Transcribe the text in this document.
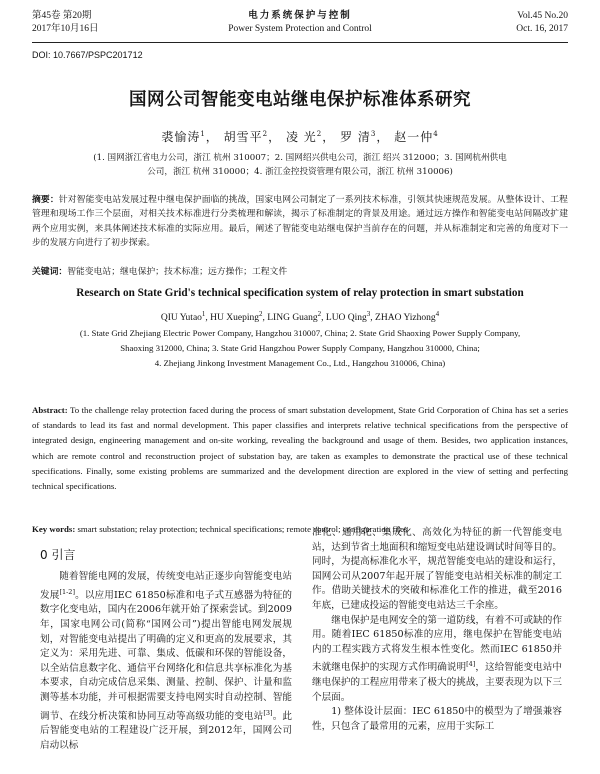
第45卷 第20期
2017年10月16日
电力系统保护与控制
Power System Protection and Control
Vol.45 No.20
Oct. 16, 2017
DOI: 10.7667/PSPC201712
国网公司智能变电站继电保护标准体系研究
裘愉涛$^1$， 胡雪平$^2$， 凌 光$^2$， 罗 清$^3$， 赵一仲$^4$
(1. 国网浙江省电力公司，浙江 杭州 310007；2. 国网绍兴供电公司，浙江 绍兴 312000；3. 国网杭州供电公司，浙江 杭州 310000；4. 浙江金控投资管理有限公司，浙江 杭州 310006)
摘要：针对智能变电站发展过程中继电保护面临的挑战，国家电网公司制定了一系列技术标准，引领其快速规范发展。从整体设计、工程管理和现场工作三个层面，对相关技术标准进行分类梳理和解读，揭示了标准制定的背景及用途。通过远方操作和智能变电站间隔改扩建两个应用实例，来具体阐述技术标准的实际应用。最后，阐述了智能变电站继电保护当前存在的问题，并从标准制定和完善的角度对下一步的发展方向进行了初步探索。
关键词：智能变电站；继电保护；技术标准；远方操作；工程文件
Research on State Grid's technical specification system of relay protection in smart substation
QIU Yutao$^1$, HU Xueping$^2$, LING Guang$^2$, LUO Qing$^3$, ZHAO Yizhong$^4$
(1. State Grid Zhejiang Electric Power Company, Hangzhou 310007, China; 2. State Grid Shaoxing Power Supply Company,
Shaoxing 312000, China; 3. State Grid Hangzhou Power Supply Company, Hangzhou 310000, China;
4. Zhejiang Jinkong Investment Management Co., Ltd., Hangzhou 310006, China)
Abstract: To the challenge relay protection faced during the process of smart substation development, State Grid Corporation of China has set a series of standards to lead its fast and normal development. This paper classifies and interprets relative technical specifications from the perspective of integrated design, engineering management and on-site working, revealing the background and usage of them. Besides, two application instances, which are remote control and reconstruction project of substation bay, are taken as examples to demonstrate the practical use of these technical specifications. Finally, some existing problems are summarized and the development direction are explored in the view of setting and perfecting technical specifications.
Key words: smart substation; relay protection; technical specifications; remote control; configuration files
0 引言

随着智能电网的发展，传统变电站正逐步向智能变电站发展[1-2]。以应用IEC 61850标准和电子式互感器为特征的数字化变电站，国内在2006年就开始了探索尝试。到2009年，国家电网公司(简称“国网公司”)提出智能电网发展规划，对智能变电站提出了明确的定义和更高的发展要求，其定义为：采用先进、可靠、集成、低碳和环保的智能设备，以全站信息数字化、通信平台网络化和信息共享标准化为基本要求，自动完成信息采集、测量、控制、保护、计量和监测等基本功能，并可根据需要支持电网实时自动控制、智能调节、在线分析决策和协同互动等高级功能的变电站[3]。此后智能变电站的工程建设广泛开展，到2012年，国网公司启动以标

准化、通用化、集成化、高效化为特征的新一代智能变电站，达到节省土地面积和缩短变电站建设调试时间等目的。同时，为提高标准化水平，规范智能变电站的建设和运行，国网公司从2007年起开展了智能变电站相关标准的制定工作。借助关键技术的突破和标准化工作的推进，截至2016年底，已建成投运的智能变电站达三千余座。

继电保护是电网安全的第一道防线，有着不可或缺的作用。随着IEC 61850标准的应用，继电保护在智能变电站内的工程实践方式将发生根本性变化。然而IEC 61850并未就继电保护的实现方式作明确说明[4]，这给智能变电站中继电保护的工程应用带来了极大的挑战，主要表现为以下三个层面。

1) 整体设计层面：IEC 61850中的模型为了增强兼容性，只包含了最常用的元素，应用于实际工
